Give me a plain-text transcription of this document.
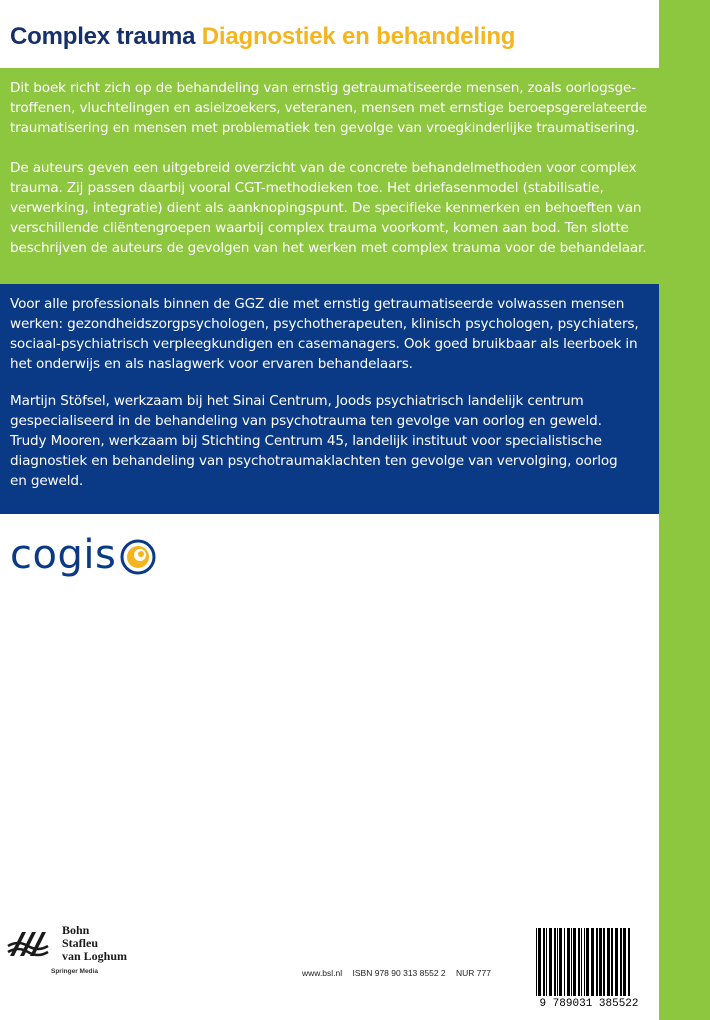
Complex trauma Diagnostiek en behandeling

Dit boek richt zich op de behandeling van ernstig getraumatiseerde mensen, zoals oorlogsge-
troffenen, vluchtelingen en asielzoekers, veteranen, mensen met ernstige beroepsgerelateerde
traumatisering en mensen met problematiek ten gevolge van vroegkinderlijke traumatisering.

De auteurs geven een uitgebreid overzicht van de concrete behandelmethoden voor complex
trauma. Zij passen daarbij vooral CGT-methodieken toe. Het driefasenmodel (stabilisatie,
verwerking, integratie) dient als aanknopingspunt. De specifieke kenmerken en behoeften van
verschillende cliëntengroepen waarbij complex trauma voorkomt, komen aan bod. Ten slotte
beschrijven de auteurs de gevolgen van het werken met complex trauma voor de behandelaar.

Voor alle professionals binnen de GGZ die met ernstig getraumatiseerde volwassen mensen
werken: gezondheidszorgpsychologen, psychotherapeuten, klinisch psychologen, psychiaters,
sociaal-psychiatrisch verpleegkundigen en casemanagers. Ook goed bruikbaar als leerboek in
het onderwijs en als naslagwerk voor ervaren behandelaars.

Martijn Stöfsel, werkzaam bij het Sinai Centrum, Joods psychiatrisch landelijk centrum
gespecialiseerd in de behandeling van psychotrauma ten gevolge van oorlog en geweld.
Trudy Mooren, werkzaam bij Stichting Centrum 45, landelijk instituut voor specialistische
diagnostiek en behandeling van psychotraumaklachten ten gevolge van vervolging, oorlog
en geweld.

cogis

Bohn
Stafleu
van Loghum

Springer Media	www.bsl.nl ISBN 978 90 313 8552 2 NUR 777

9 789031 385522
